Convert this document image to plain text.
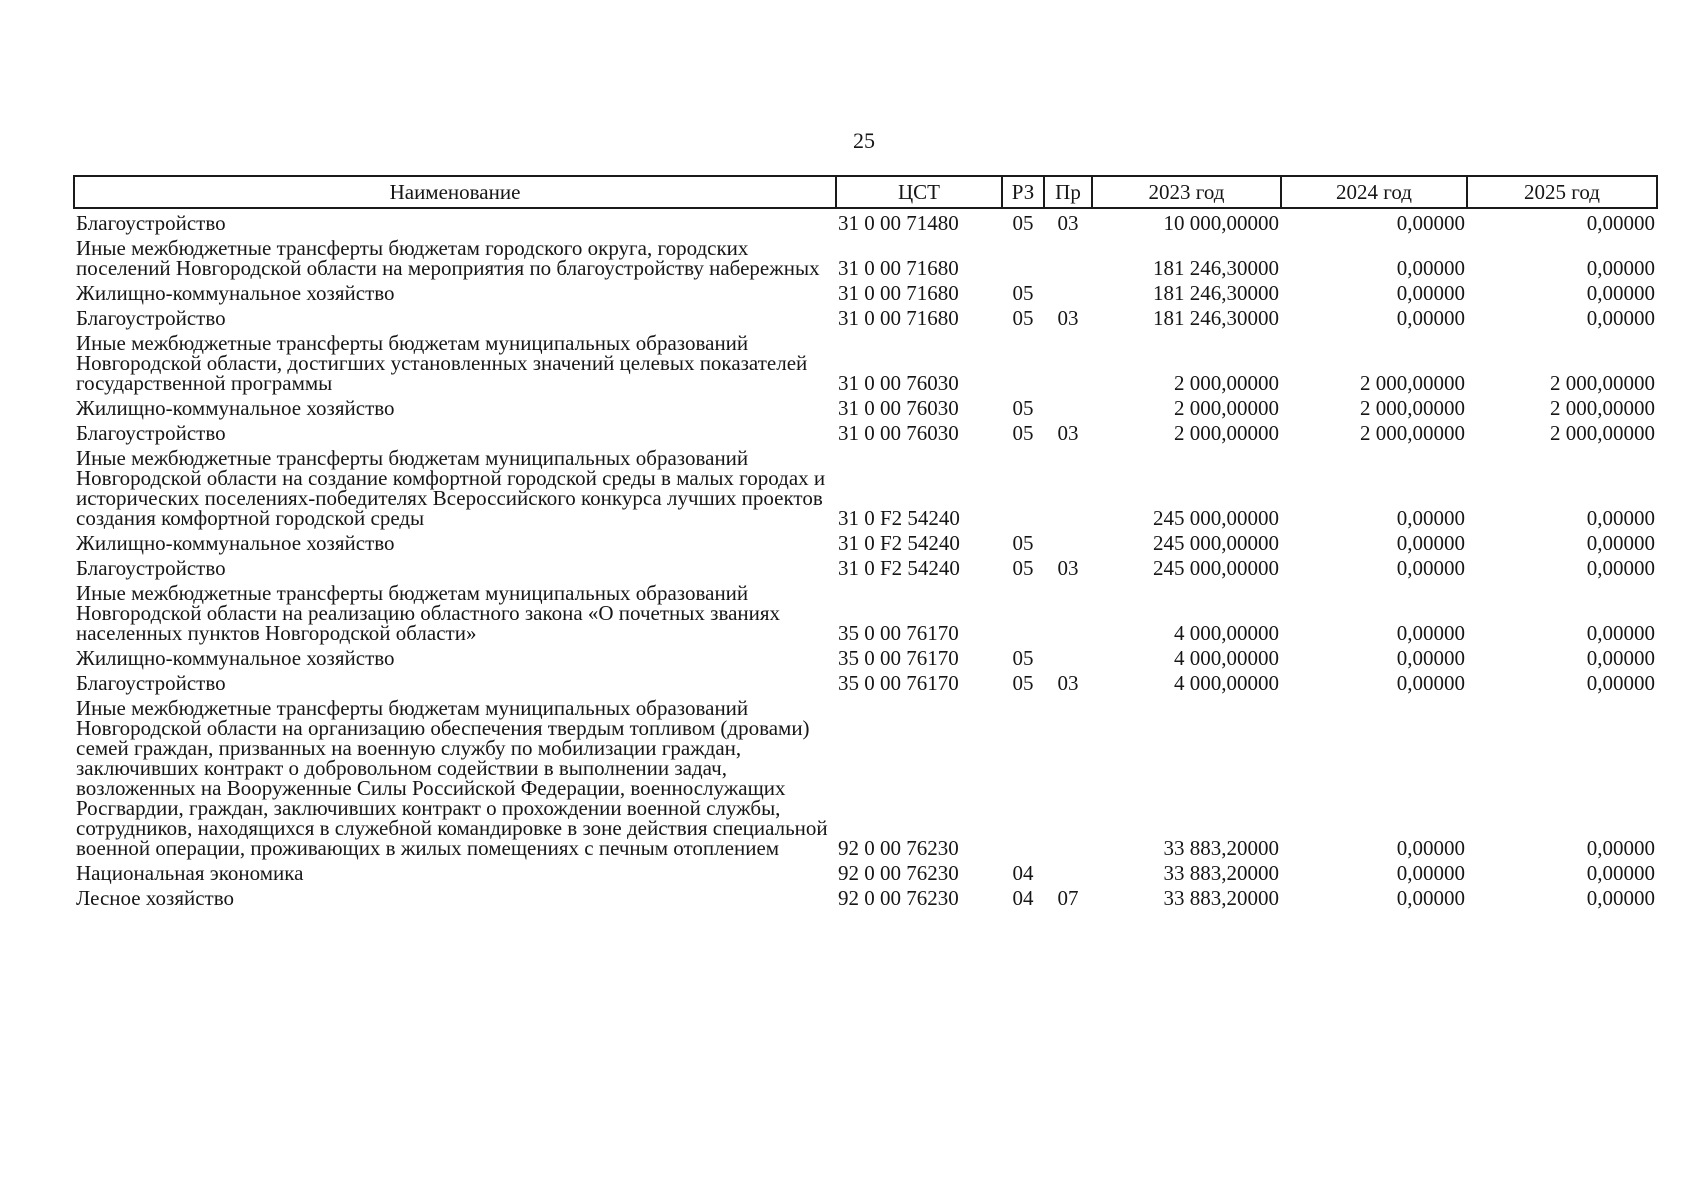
25
Наименование	ЦСТ	РЗ	Пр	2023 год	2024 год	2025 год

Благоустройство	31 0 00 71480	05	03	10 000,00000	0,00000	0,00000

Иные межбюджетные трансферты бюджетам городского округа, городских поселений Новгородской области на мероприятия по благоустройству набережных	31 0 00 71680			181 246,30000	0,00000	0,00000

Жилищно-коммунальное хозяйство	31 0 00 71680	05		181 246,30000	0,00000	0,00000

Благоустройство	31 0 00 71680	05	03	181 246,30000	0,00000	0,00000

Иные межбюджетные трансферты бюджетам муниципальных образований Новгородской области, достигших установленных значений целевых показателей государственной программы	31 0 00 76030			2 000,00000	2 000,00000	2 000,00000

Жилищно-коммунальное хозяйство	31 0 00 76030	05		2 000,00000	2 000,00000	2 000,00000

Благоустройство	31 0 00 76030	05	03	2 000,00000	2 000,00000	2 000,00000

Иные межбюджетные трансферты бюджетам муниципальных образований Новгородской области на создание комфортной городской среды в малых городах и исторических поселениях-победителях Всероссийского конкурса лучших проектов создания комфортной городской среды	31 0 F2 54240			245 000,00000	0,00000	0,00000

Жилищно-коммунальное хозяйство	31 0 F2 54240	05		245 000,00000	0,00000	0,00000

Благоустройство	31 0 F2 54240	05	03	245 000,00000	0,00000	0,00000

Иные межбюджетные трансферты бюджетам муниципальных образований Новгородской области на реализацию областного закона «О почетных званиях населенных пунктов Новгородской области»	35 0 00 76170			4 000,00000	0,00000	0,00000

Жилищно-коммунальное хозяйство	35 0 00 76170	05		4 000,00000	0,00000	0,00000

Благоустройство	35 0 00 76170	05	03	4 000,00000	0,00000	0,00000

Иные межбюджетные трансферты бюджетам муниципальных образований Новгородской области на организацию обеспечения твердым топливом (дровами) семей граждан, призванных на военную службу по мобилизации граждан, заключивших контракт о добровольном содействии в выполнении задач, возложенных на Вооруженные Силы Российской Федерации, военнослужащих Росгвардии, граждан, заключивших контракт о прохождении военной службы, сотрудников, находящихся в служебной командировке в зоне действия специальной военной операции, проживающих в жилых помещениях с печным отоплением	92 0 00 76230			33 883,20000	0,00000	0,00000

Национальная экономика	92 0 00 76230	04		33 883,20000	0,00000	0,00000

Лесное хозяйство	92 0 00 76230	04	07	33 883,20000	0,00000	0,00000
